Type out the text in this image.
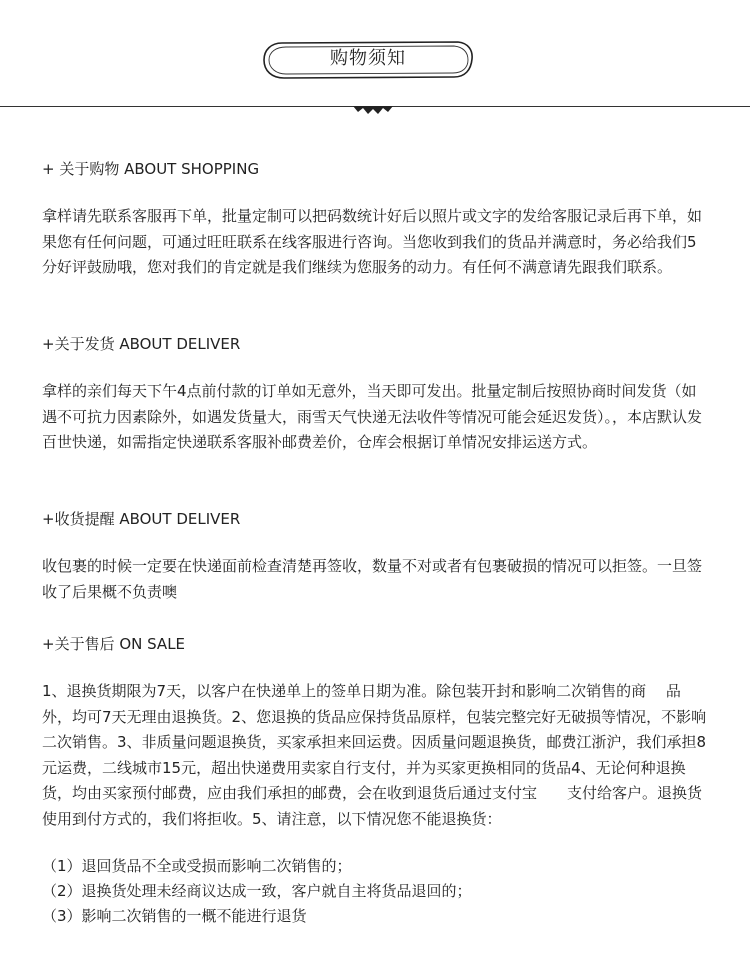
购物须知
+ 关于购物 ABOUT SHOPPING

拿样请先联系客服再下单，批量定制可以把码数统计好后以照片或文字的发给客服记录后再下单，如果您有任何问题，可通过旺旺联系在线客服进行咨询。当您收到我们的货品并满意时，务必给我们5分好评鼓励哦，您对我们的肯定就是我们继续为您服务的动力。有任何不满意请先跟我们联系。

+关于发货 ABOUT DELIVER

拿样的亲们每天下午4点前付款的订单如无意外，当天即可发出。批量定制后按照协商时间发货（如遇不可抗力因素除外，如遇发货量大，雨雪天气快递无法收件等情况可能会延迟发货）。，本店默认发百世快递，如需指定快递联系客服补邮费差价，仓库会根据订单情况安排运送方式。

+收货提醒 ABOUT DELIVER

收包裹的时候一定要在快递面前检查清楚再签收，数量不对或者有包裹破损的情况可以拒签。一旦签收了后果概不负责噢

+关于售后 ON SALE

1、退换货期限为7天，以客户在快递单上的签单日期为准。除包装开封和影响二次销售的商　 品外，均可7天无理由退换货。2、您退换的货品应保持货品原样，包装完整完好无破损等情况，不影响二次销售。3、非质量问题退换货，买家承担来回运费。因质量问题退换货，邮费江浙沪，我们承担8　　元运费，二线城市15元，超出快递费用卖家自行支付，并为买家更换相同的货品4、无论何种退换货，均由买家预付邮费，应由我们承担的邮费，会在收到退货后通过支付宝　　支付给客户。退换货使用到付方式的，我们将拒收。5、请注意，以下情况您不能退换货：

（1）退回货品不全或受损而影响二次销售的；
（2）退换货处理未经商议达成一致，客户就自主将货品退回的；
（3）影响二次销售的一概不能进行退货
